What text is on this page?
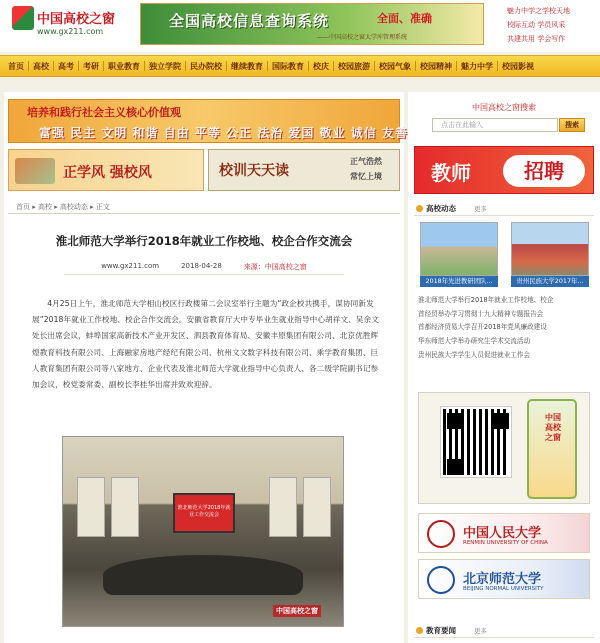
中国高校之窗
www.gx211.com
全国高校信息查询系统	全面、准确
——中国高校之窗大学库管理系统
魅力中学之学校天地
校际互动 学员风采
共建共用 学会写作
首页	高校	高考	考研	职业教育	独立学院	民办院校	继续教育	国际教育	校庆	校园旅游	校园气象	校园精神	魅力中学	校园影视
培养和践行社会主义核心价值观
富强 民主 文明 和谐 自由 平等 公正 法治 爱国 敬业 诚信 友善
正学风 强校风	校训天天读
正气浩然
常忆上境
首页 ▸ 高校 ▸ 高校动态 ▸ 正文
淮北师范大学举行2018年就业工作校地、校企合作交流会
www.gx211.com	2018-04-28	来源：中国高校之窗

4月25日上午，淮北师范大学相山校区行政楼第二会议室举行主题为“政企校共携手，谋协同新发展”2018年就业工作校地、校企合作交流会。安徽省教育厅大中专毕业生就业指导中心胡祥文、吴余文处长出席会议，蚌埠国家高新技术产业开发区、泗县教育体育局、安徽丰原集团有限公司、北京优胜辉煌教育科技有限公司、上海融家房地产经纪有限公司、杭州文文数字科技有限公司、乘学教育集团、巨人教育集团有限公司等八家地方、企业代表及淮北师范大学就业指导中心负责人、各二级学院副书记参加会议，校党委常委、副校长李桂华出席并致欢迎辞。

淮北师范大学2018年就业工作交流会
中国高校之窗
中国高校之窗搜索
点击在此输入	搜索
教师	招聘
高校动态	更多
2018年先进教研团队...	贵州民族大学2017年...
淮北师范大学举行2018年就业工作校地、校企
首经贸举办学习贯彻十九大精神专题报告会
首都经济贸易大学召开2018年党风廉政建设
华东师范大学举办研究生学术交流活动
贵州民族大学学生人员促进就业工作会
中国高校之窗
中国人民大学
RENMIN UNIVERSITY OF CHINA
北京师范大学
BEIJING NORMAL UNIVERSITY
教育要闻	更多
